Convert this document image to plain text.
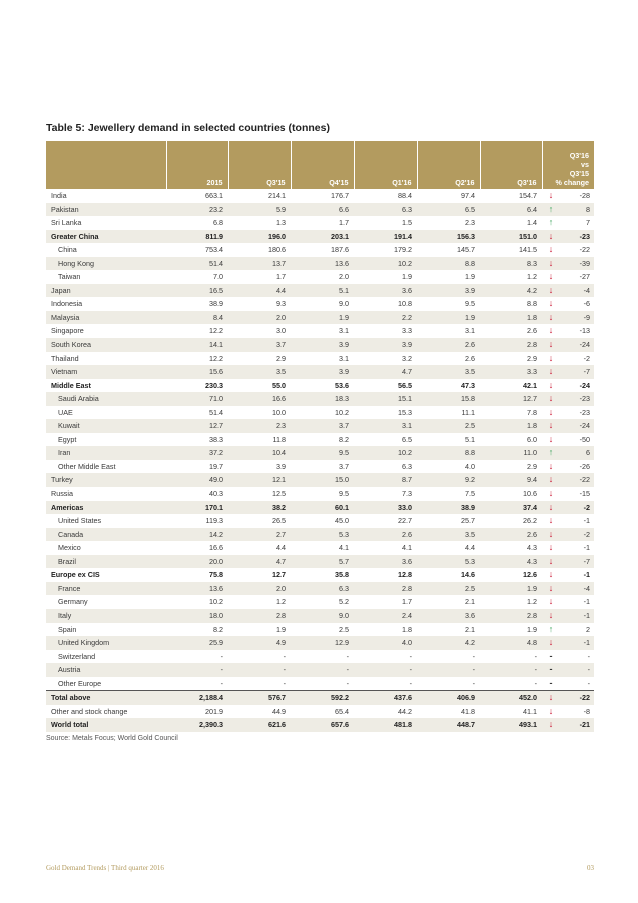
Table 5: Jewellery demand in selected countries (tonnes)
	2015	Q3'15	Q4'15	Q1'16	Q2'16	Q3'16	Q3'16
vs
Q3'15
% change	

India	663.1	214.1	176.7	88.4	97.4	154.7	↓	-28
Pakistan	23.2	5.9	6.6	6.3	6.5	6.4	↑	8
Sri Lanka	6.8	1.3	1.7	1.5	2.3	1.4	↑	7
Greater China	811.9	196.0	203.1	191.4	156.3	151.0	↓	-23
China	753.4	180.6	187.6	179.2	145.7	141.5	↓	-22
Hong Kong	51.4	13.7	13.6	10.2	8.8	8.3	↓	-39
Taiwan	7.0	1.7	2.0	1.9	1.9	1.2	↓	-27
Japan	16.5	4.4	5.1	3.6	3.9	4.2	↓	-4
Indonesia	38.9	9.3	9.0	10.8	9.5	8.8	↓	-6
Malaysia	8.4	2.0	1.9	2.2	1.9	1.8	↓	-9
Singapore	12.2	3.0	3.1	3.3	3.1	2.6	↓	-13
South Korea	14.1	3.7	3.9	3.9	2.6	2.8	↓	-24
Thailand	12.2	2.9	3.1	3.2	2.6	2.9	↓	-2
Vietnam	15.6	3.5	3.9	4.7	3.5	3.3	↓	-7
Middle East	230.3	55.0	53.6	56.5	47.3	42.1	↓	-24
Saudi Arabia	71.0	16.6	18.3	15.1	15.8	12.7	↓	-23
UAE	51.4	10.0	10.2	15.3	11.1	7.8	↓	-23
Kuwait	12.7	2.3	3.7	3.1	2.5	1.8	↓	-24
Egypt	38.3	11.8	8.2	6.5	5.1	6.0	↓	-50
Iran	37.2	10.4	9.5	10.2	8.8	11.0	↑	6
Other Middle East	19.7	3.9	3.7	6.3	4.0	2.9	↓	-26
Turkey	49.0	12.1	15.0	8.7	9.2	9.4	↓	-22
Russia	40.3	12.5	9.5	7.3	7.5	10.6	↓	-15
Americas	170.1	38.2	60.1	33.0	38.9	37.4	↓	-2
United States	119.3	26.5	45.0	22.7	25.7	26.2	↓	-1
Canada	14.2	2.7	5.3	2.6	3.5	2.6	↓	-2
Mexico	16.6	4.4	4.1	4.1	4.4	4.3	↓	-1
Brazil	20.0	4.7	5.7	3.6	5.3	4.3	↓	-7
Europe ex CIS	75.8	12.7	35.8	12.8	14.6	12.6	↓	-1
France	13.6	2.0	6.3	2.8	2.5	1.9	↓	-4
Germany	10.2	1.2	5.2	1.7	2.1	1.2	↓	-1
Italy	18.0	2.8	9.0	2.4	3.6	2.8	↓	-1
Spain	8.2	1.9	2.5	1.8	2.1	1.9	↑	2
United Kingdom	25.9	4.9	12.9	4.0	4.2	4.8	↓	-1
Switzerland	-	-	-	-	-	-	-	-
Austria	-	-	-	-	-	-	-	-
Other Europe	-	-	-	-	-	-	-	-
Total above	2,188.4	576.7	592.2	437.6	406.9	452.0	↓	-22
Other and stock change	201.9	44.9	65.4	44.2	41.8	41.1	↓	-8
World total	2,390.3	621.6	657.6	481.8	448.7	493.1	↓	-21
Source: Metals Focus; World Gold Council
Gold Demand Trends | Third quarter 2016	03
